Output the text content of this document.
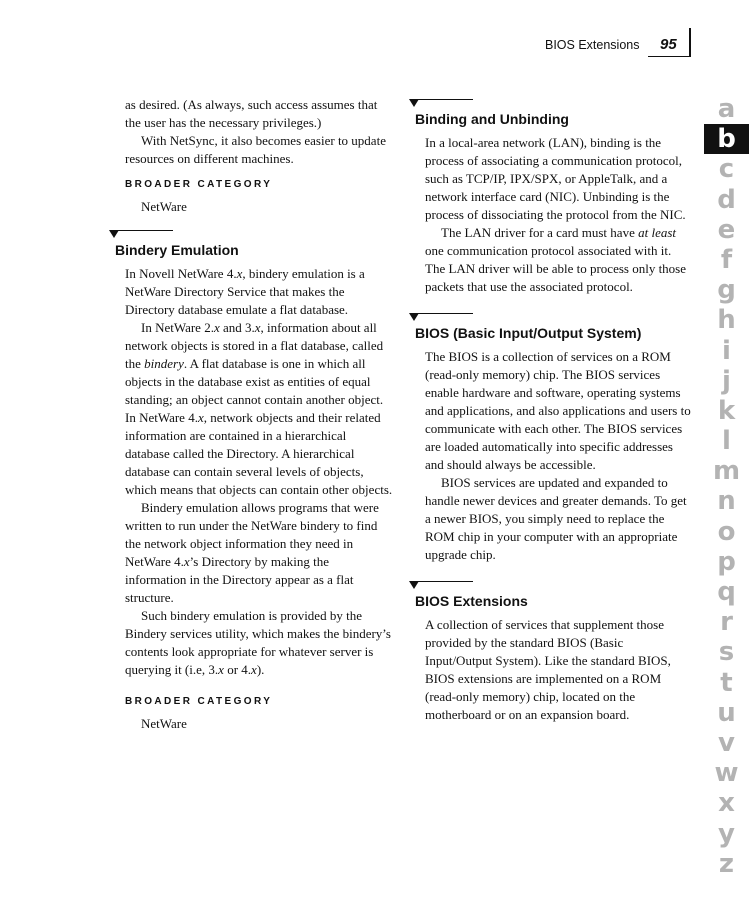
BIOS Extensions 95

as desired. (As always, such access assumes that the user has the necessary privileges.)

With NetSync, it also becomes easier to update resources on different machines.

BROADER CATEGORY
NetWare
Bindery Emulation

In Novell NetWare 4.x, bindery emulation is a NetWare Directory Service that makes the Directory database emulate a flat database.

In NetWare 2.x and 3.x, information about all network objects is stored in a flat database, called the bindery. A flat database is one in which all objects in the database exist as entities of equal standing; an object cannot contain another object. In NetWare 4.x, network objects and their related information are contained in a hierarchical database called the Directory. A hierarchical database can contain several levels of objects, which means that objects can contain other objects.

Bindery emulation allows programs that were written to run under the NetWare bindery to find the network object information they need in NetWare 4.x’s Directory by making the information in the Directory appear as a flat structure.

Such bindery emulation is provided by the Bindery services utility, which makes the bindery’s contents look appropriate for whatever server is querying it (i.e, 3.x or 4.x).

BROADER CATEGORY
NetWare
Binding and Unbinding

In a local-area network (LAN), binding is the process of associating a communication protocol, such as TCP/IP, IPX/SPX, or AppleTalk, and a network interface card (NIC). Unbinding is the process of dissociating the protocol from the NIC.

The LAN driver for a card must have at least one communication protocol associated with it. The LAN driver will be able to process only those packets that use the associated protocol.

BIOS (Basic Input/Output System)

The BIOS is a collection of services on a ROM (read-only memory) chip. The BIOS services enable hardware and software, operating systems and applications, and also applications and users to communicate with each other. The BIOS services are loaded automatically into specific addresses and should always be accessible.

BIOS services are updated and expanded to handle newer devices and greater demands. To get a newer BIOS, you simply need to replace the ROM chip in your computer with an appropriate upgrade chip.

BIOS Extensions

A collection of services that supplement those provided by the standard BIOS (Basic Input/Output System). Like the standard BIOS, BIOS extensions are implemented on a ROM (read-only memory) chip, located on the motherboard or on an expansion board.

a
b
c
d
e
f
g
h
i
j
k
l
m
n
o
p
q
r
s
t
u
v
w
x
y
z
